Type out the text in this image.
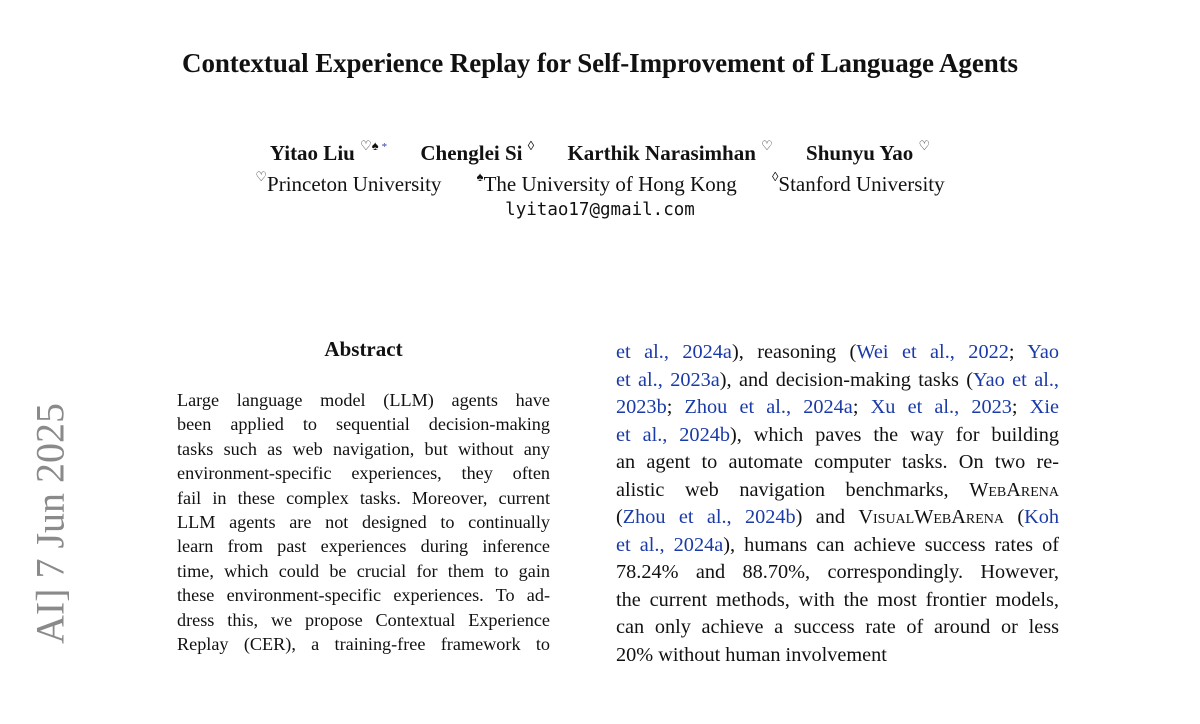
Contextual Experience Replay for Self-Improvement of Language Agents
Yitao Liu ♡♠ * Chenglei Si ◊ Karthik Narasimhan ♡ Shunyu Yao ♡
♡Princeton University	♠The University of Hong Kong	◊Stanford University
lyitao17@gmail.com
AI] 7 Jun 2025
Abstract
Large language model (LLM) agents have
been applied to sequential decision-making
tasks such as web navigation, but without any
environment-specific experiences, they often
fail in these complex tasks. Moreover, current
LLM agents are not designed to continually
learn from past experiences during inference
time, which could be crucial for them to gain
these environment-specific experiences. To ad-
dress this, we propose Contextual Experience
Replay (CER), a training-free framework to
et al., 2024a), reasoning (Wei et al., 2022; Yao
et al., 2023a), and decision-making tasks (Yao et al.,
2023b; Zhou et al., 2024a; Xu et al., 2023; Xie
et al., 2024b), which paves the way for building
an agent to automate computer tasks. On two re-
alistic web navigation benchmarks, WebArena
(Zhou et al., 2024b) and VisualWebArena (Koh
et al., 2024a), humans can achieve success rates of
78.24% and 88.70%, correspondingly. However,
the current methods, with the most frontier models,
can only achieve a success rate of around or less
20% without human involvement
